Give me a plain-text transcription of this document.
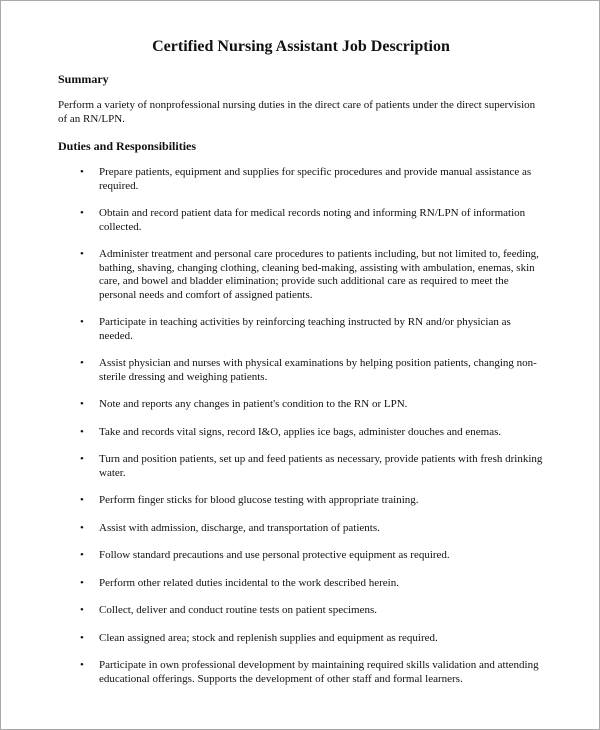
Certified Nursing Assistant Job Description
Summary

Perform a variety of nonprofessional nursing duties in the direct care of patients under the direct supervision of an RN/LPN.

Duties and Responsibilities
•	Prepare patients, equipment and supplies for specific procedures and provide manual assistance as required.
•	Obtain and record patient data for medical records noting and informing RN/LPN of information collected.
•	Administer treatment and personal care procedures to patients including, but not limited to, feeding, bathing, shaving, changing clothing, cleaning bed-making, assisting with ambulation, enemas, skin care, and bowel and bladder elimination; provide such additional care as required to meet the personal needs and comfort of assigned patients.
•	Participate in teaching activities by reinforcing teaching instructed by RN and/or physician as needed.
•	Assist physician and nurses with physical examinations by helping position patients, changing non-sterile dressing and weighing patients.
•	Note and reports any changes in patient's condition to the RN or LPN.
•	Take and records vital signs, record I&O, applies ice bags, administer douches and enemas.
•	Turn and position patients, set up and feed patients as necessary, provide patients with fresh drinking water.
•	Perform finger sticks for blood glucose testing with appropriate training.
•	Assist with admission, discharge, and transportation of patients.
•	Follow standard precautions and use personal protective equipment as required.
•	Perform other related duties incidental to the work described herein.
•	Collect, deliver and conduct routine tests on patient specimens.
•	Clean assigned area; stock and replenish supplies and equipment as required.
•	Participate in own professional development by maintaining required skills validation and attending educational offerings. Supports the development of other staff and formal learners.
